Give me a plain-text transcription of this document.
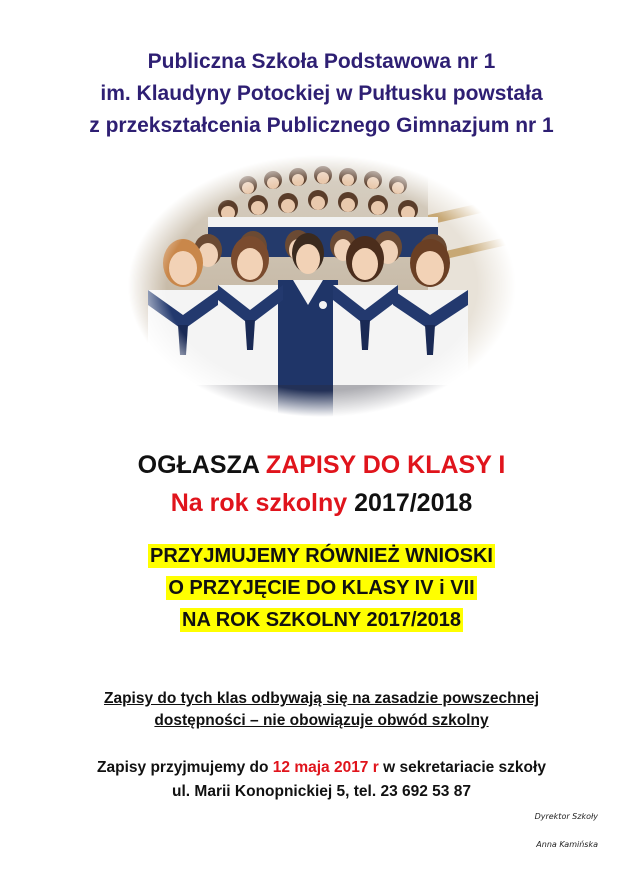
Publiczna Szkoła Podstawowa nr 1
im. Klaudyny Potockiej w Pułtusku powstała
z przekształcenia Publicznego Gimnazjum nr 1
OGŁASZA ZAPISY DO KLASY I
Na rok szkolny 2017/2018
PRZYJMUJEMY RÓWNIEŻ WNIOSKI
O PRZYJĘCIE DO KLASY IV i VII
NA ROK SZKOLNY 2017/2018
Zapisy do tych klas odbywają się na zasadzie powszechnej
dostępności – nie obowiązuje obwód szkolny
Zapisy przyjmujemy do 12 maja 2017 r w sekretariacie szkoły
ul. Marii Konopnickiej 5, tel. 23 692 53 87
Dyrektor Szkoły
Anna Kamińska
